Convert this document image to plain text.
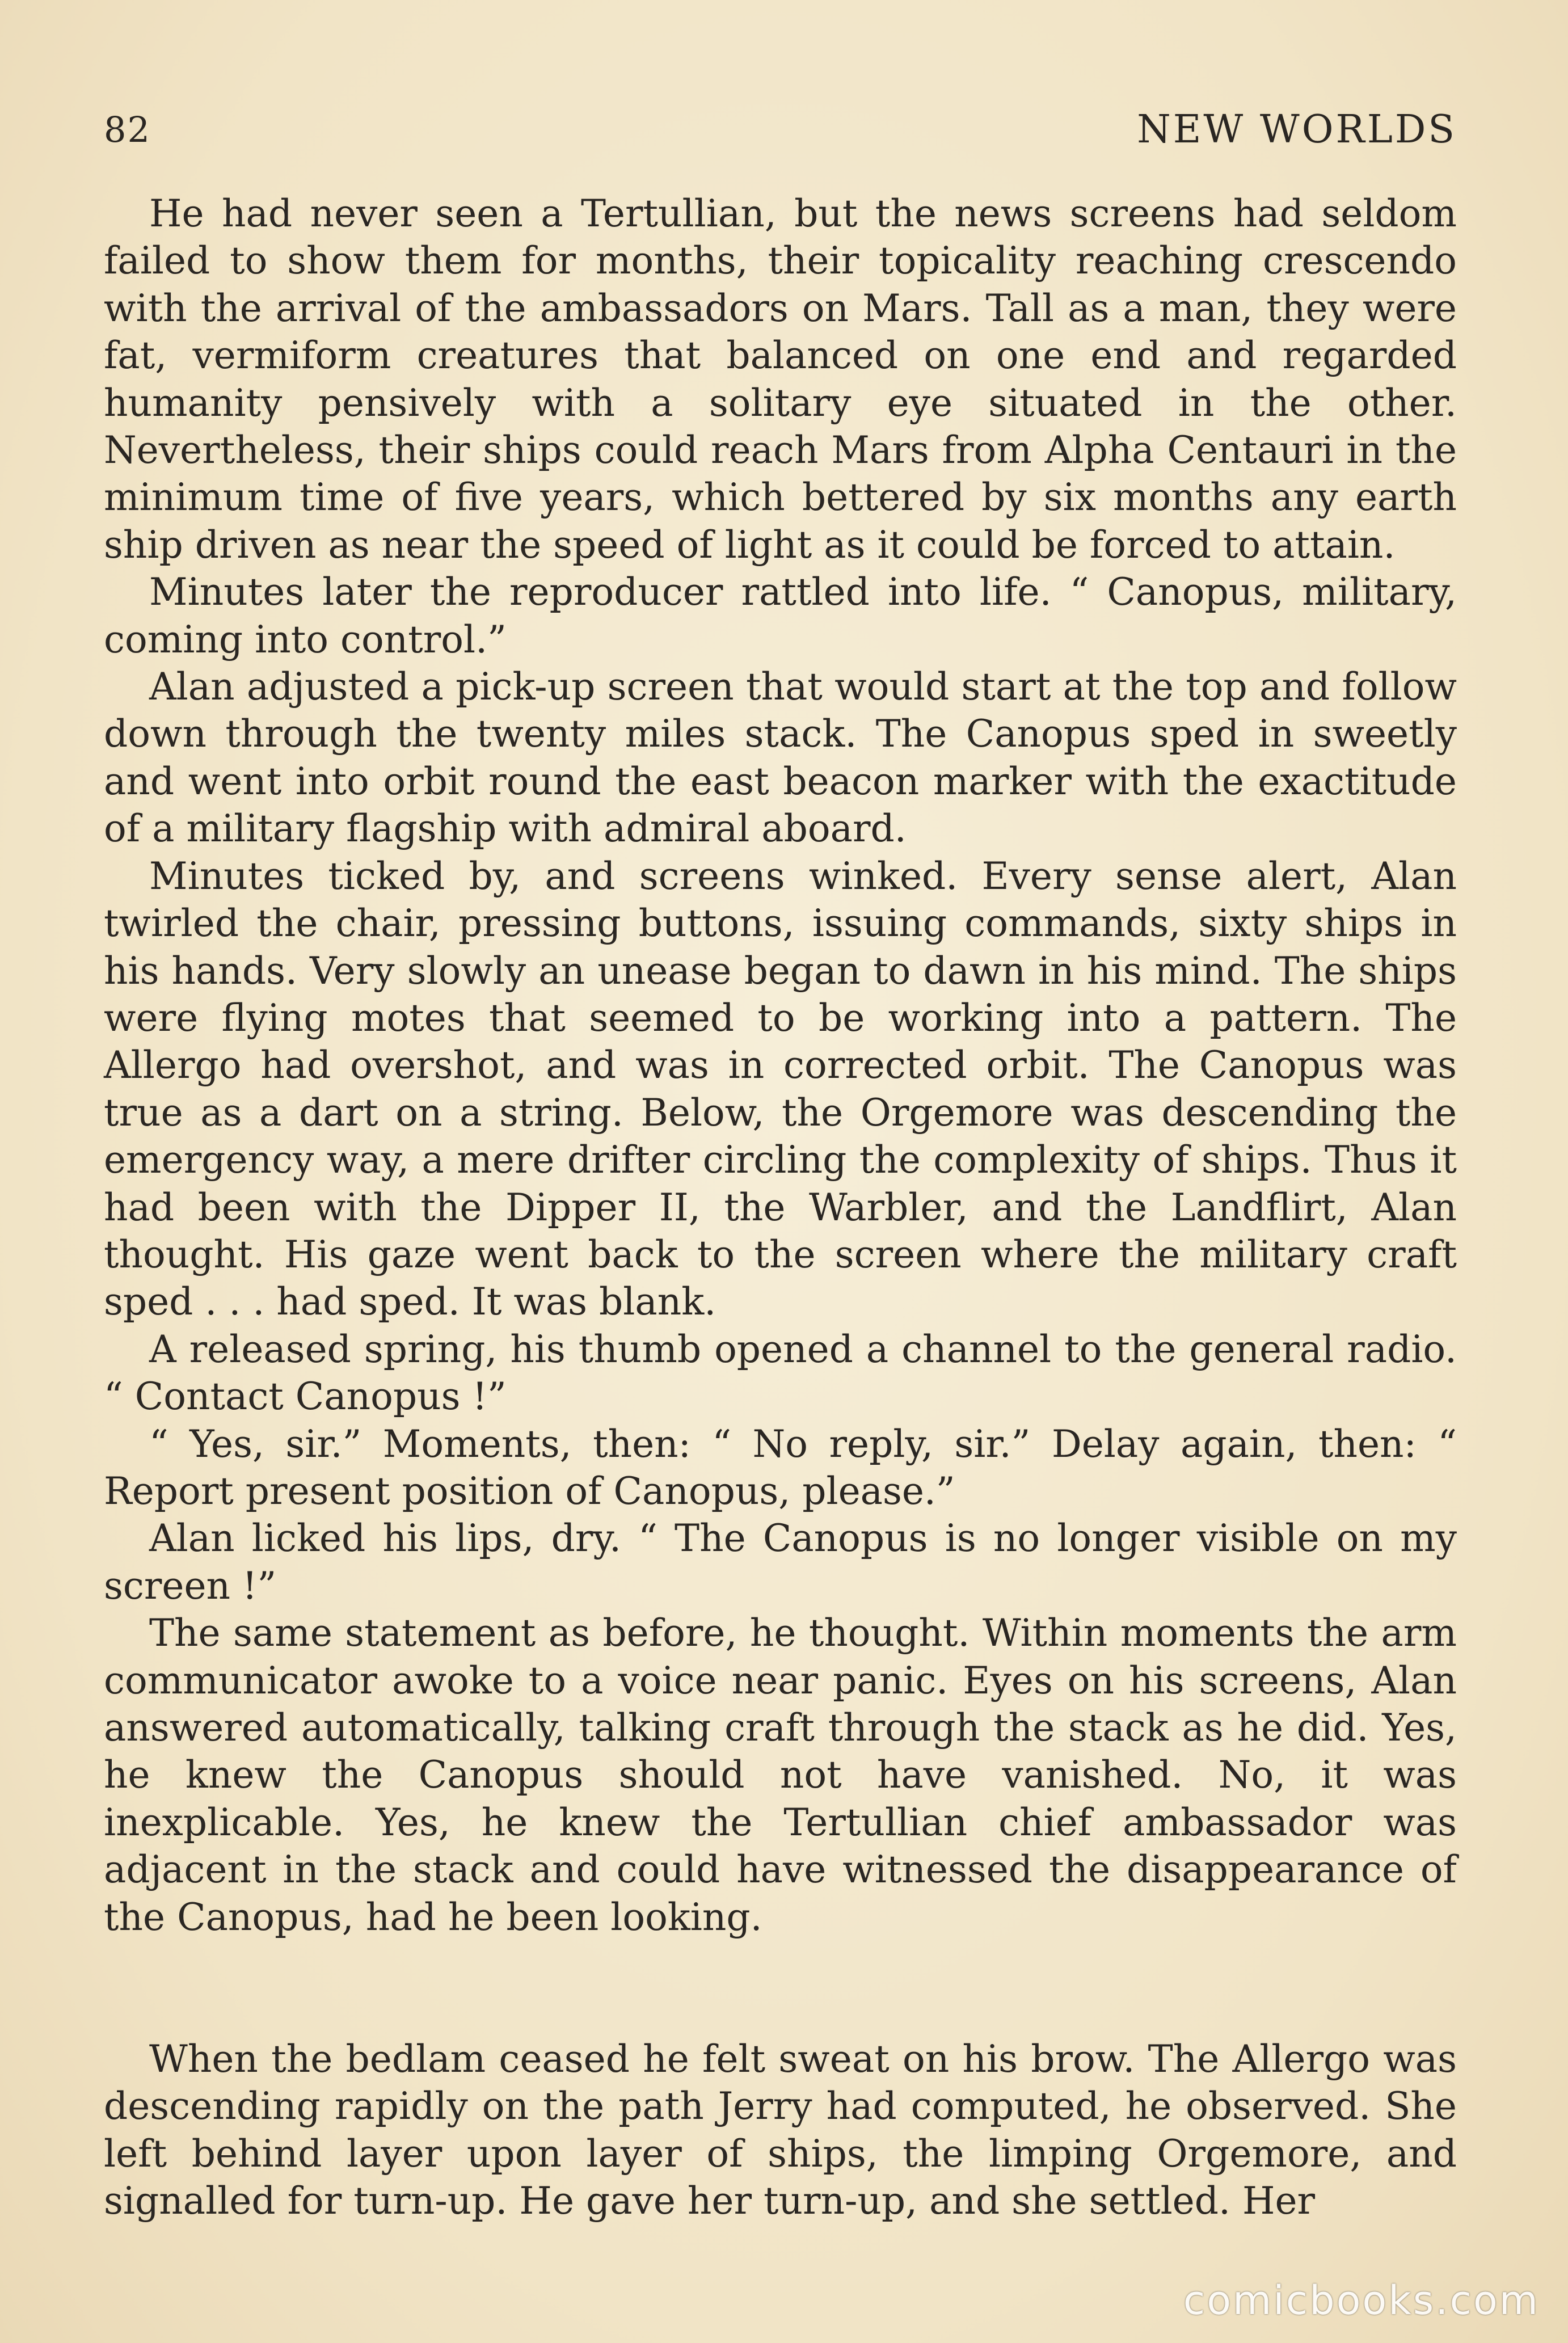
82	NEW WORLDS

He had never seen a Tertullian, but the news screens had seldom failed to show them for months, their topicality reaching crescendo with the arrival of the ambassadors on Mars. Tall as a man, they were fat, vermiform creatures that balanced on one end and regarded humanity pensively with a solitary eye situated in the other. Nevertheless, their ships could reach Mars from Alpha Centauri in the minimum time of five years, which bettered by six months any earth ship driven as near the speed of light as it could be forced to attain.

Minutes later the reproducer rattled into life. “ Canopus, military, coming into control.”

Alan adjusted a pick-up screen that would start at the top and follow down through the twenty miles stack. The Canopus sped in sweetly and went into orbit round the east beacon marker with the exactitude of a military flagship with admiral aboard.

Minutes ticked by, and screens winked. Every sense alert, Alan twirled the chair, pressing buttons, issuing commands, sixty ships in his hands. Very slowly an unease began to dawn in his mind. The ships were flying motes that seemed to be working into a pattern. The Allergo had overshot, and was in corrected orbit. The Canopus was true as a dart on a string. Below, the Orgemore was descending the emergency way, a mere drifter circling the complexity of ships. Thus it had been with the Dipper II, the Warbler, and the Landflirt, Alan thought. His gaze went back to the screen where the military craft sped . . . had sped. It was blank.

A released spring, his thumb opened a channel to the general radio. “ Contact Canopus !”

“ Yes, sir.” Moments, then: “ No reply, sir.” Delay again, then: “ Report present position of Canopus, please.”

Alan licked his lips, dry. “ The Canopus is no longer visible on my screen !”

The same statement as before, he thought. Within moments the arm communicator awoke to a voice near panic. Eyes on his screens, Alan answered automatically, talking craft through the stack as he did. Yes, he knew the Canopus should not have vanished. No, it was inexplicable. Yes, he knew the Tertullian chief ambassador was adjacent in the stack and could have witnessed the disappearance of the Canopus, had he been looking.

When the bedlam ceased he felt sweat on his brow. The Allergo was descending rapidly on the path Jerry had computed, he observed. She left behind layer upon layer of ships, the limping Orgemore, and signalled for turn-up. He gave her turn-up, and she settled. Her

comicbooks.com
